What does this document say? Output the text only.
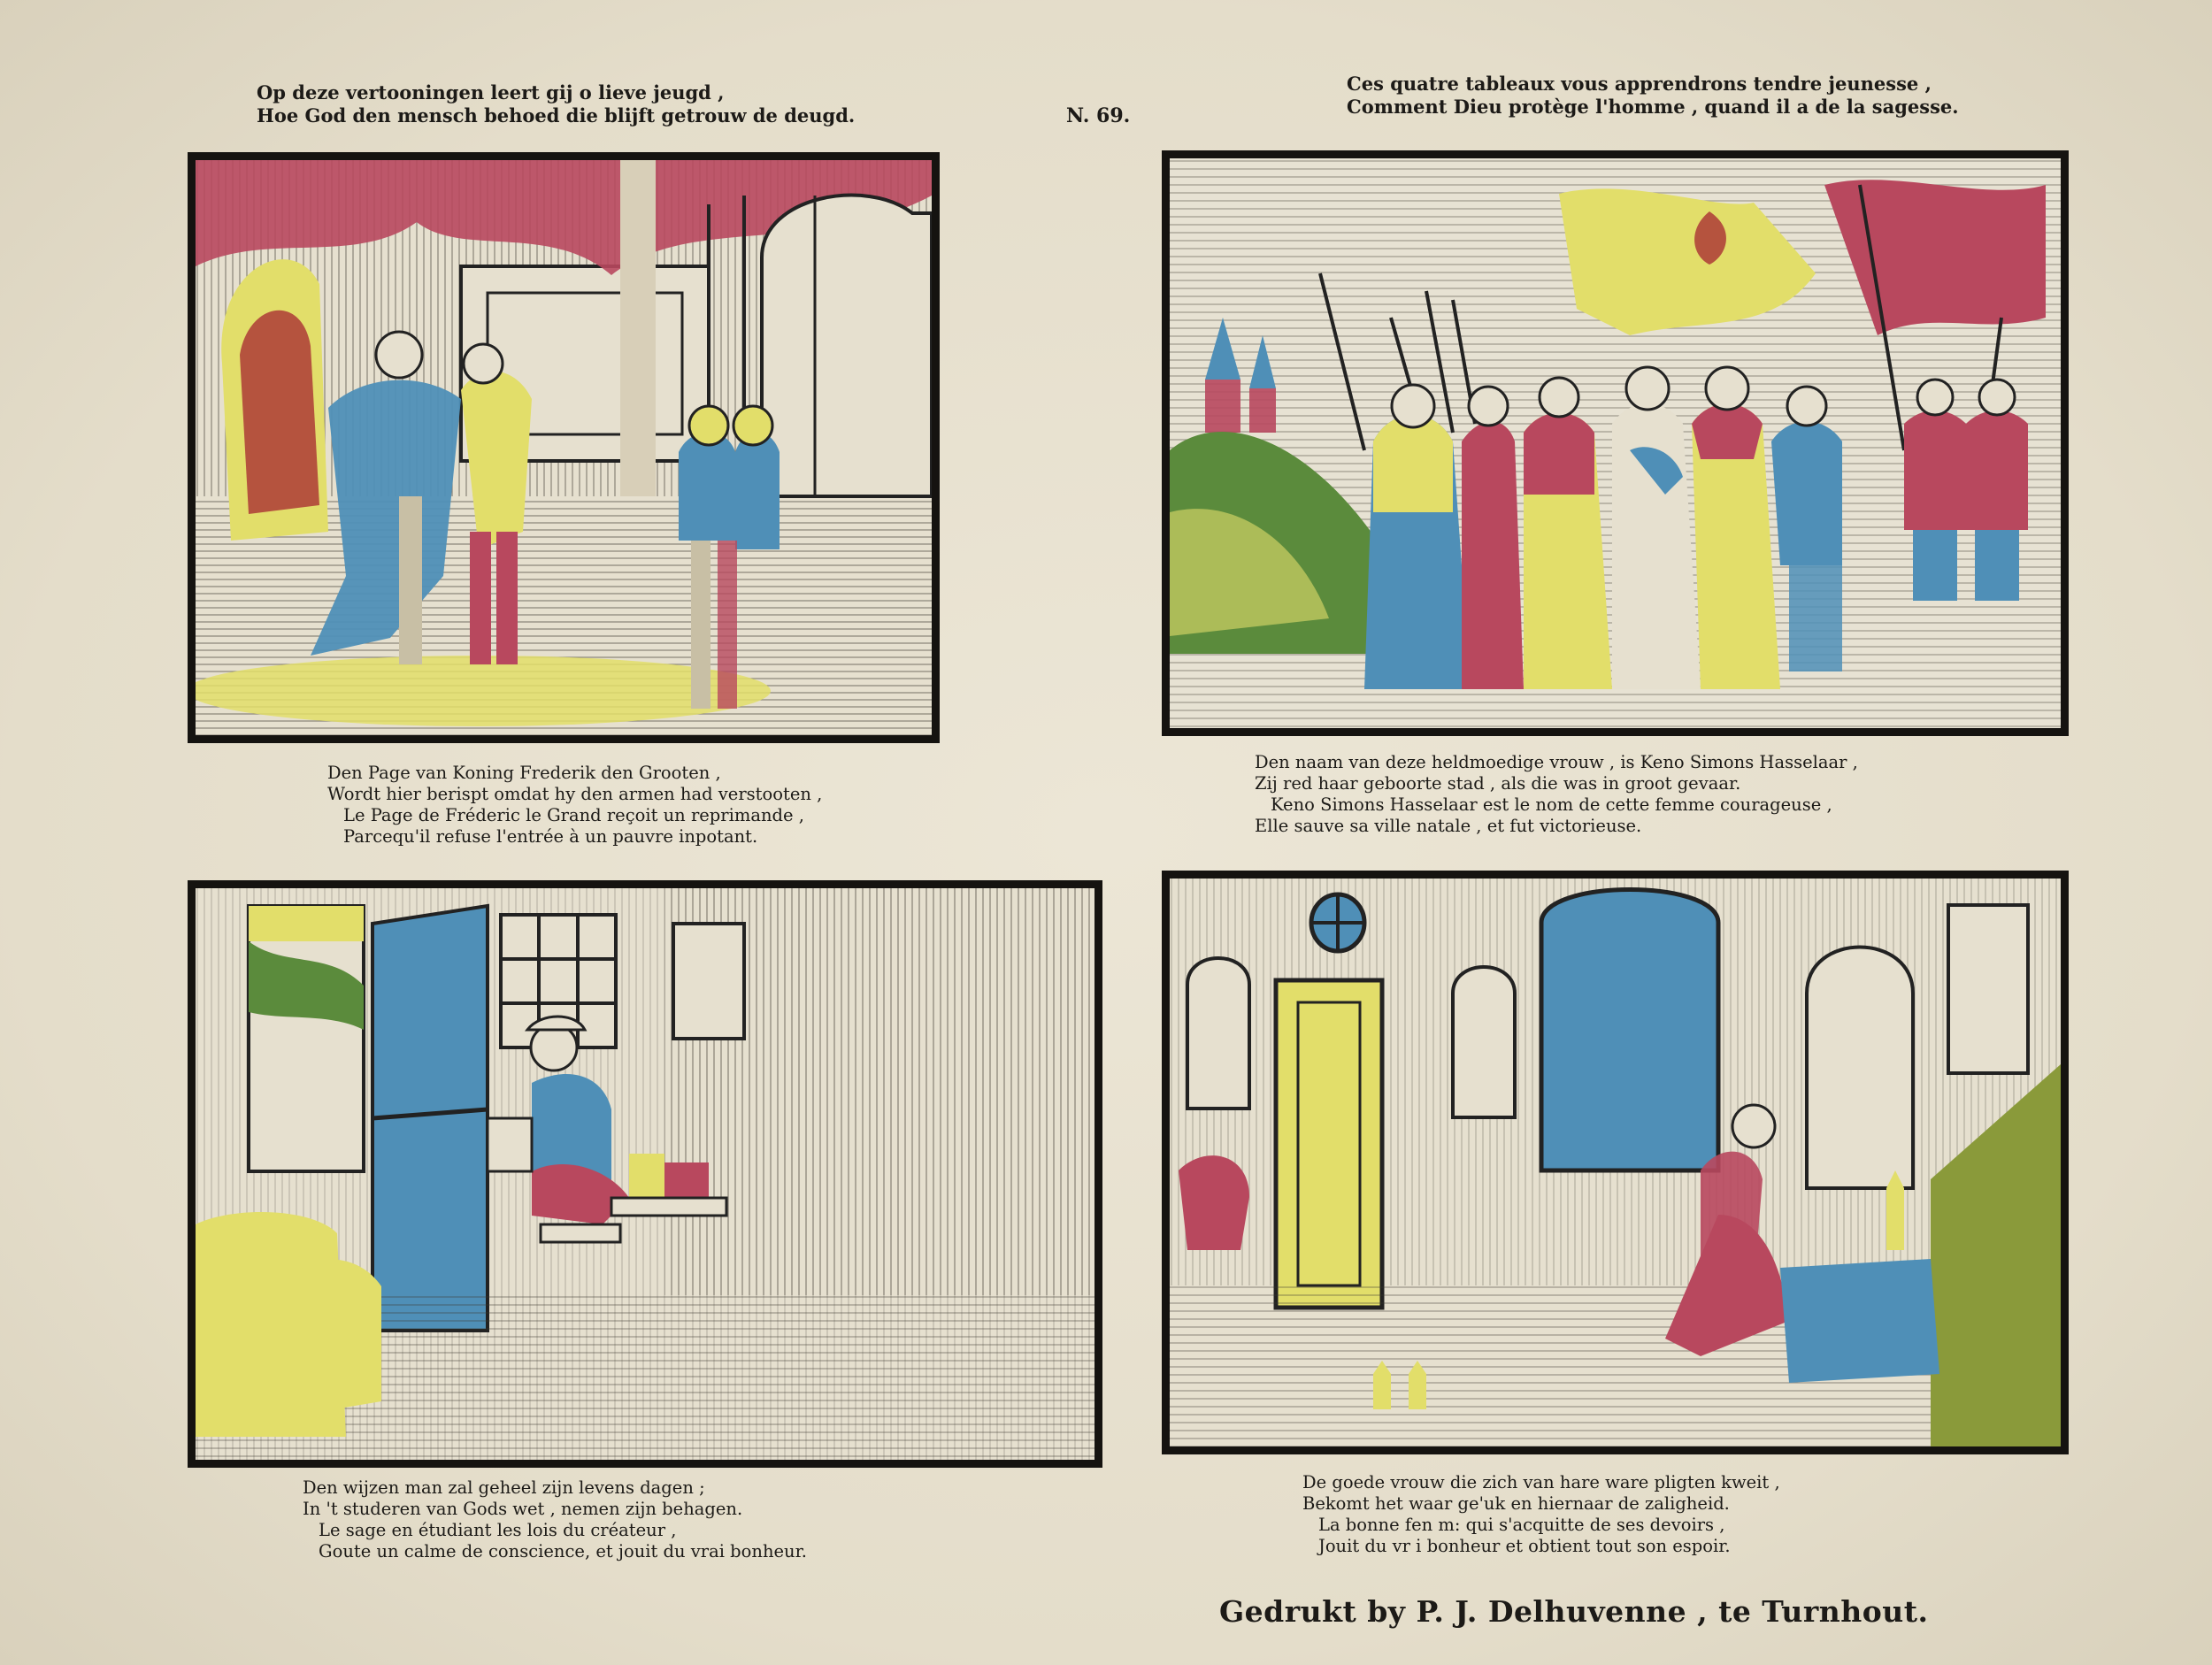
Op deze vertooningen leert gij o lieve jeugd ,
Hoe God den mensch behoed die blijft getrouw de deugd.	N. 69.
Ces quatre tableaux vous apprendrons tendre jeunesse ,
Comment Dieu protège l'homme , quand il a de la sagesse.
Den Page van Koning Frederik den Grooten ,
Wordt hier berispt omdat hy den armen had verstooten ,
Le Page de Fréderic le Grand reçoit un reprimande ,
Parcequ'il refuse l'entrée à un pauvre inpotant.
Den naam van deze heldmoedige vrouw , is Keno Simons Hasselaar ,
Zij red haar geboorte stad , als die was in groot gevaar.
Keno Simons Hasselaar est le nom de cette femme courageuse ,
Elle sauve sa ville natale , et fut victorieuse.
Den wijzen man zal geheel zijn levens dagen ;
In 't studeren van Gods wet , nemen zijn behagen.
Le sage en étudiant les lois du créateur ,
Goute un calme de conscience, et jouit du vrai bonheur.
De goede vrouw die zich van hare ware pligten kweit ,
Bekomt het waar ge'uk en hiernaar de zaligheid.
La bonne fen m: qui s'acquitte de ses devoirs ,
Jouit du vr i bonheur et obtient tout son espoir.
Gedrukt by P. J. Delhuvenne , te Turnhout.
